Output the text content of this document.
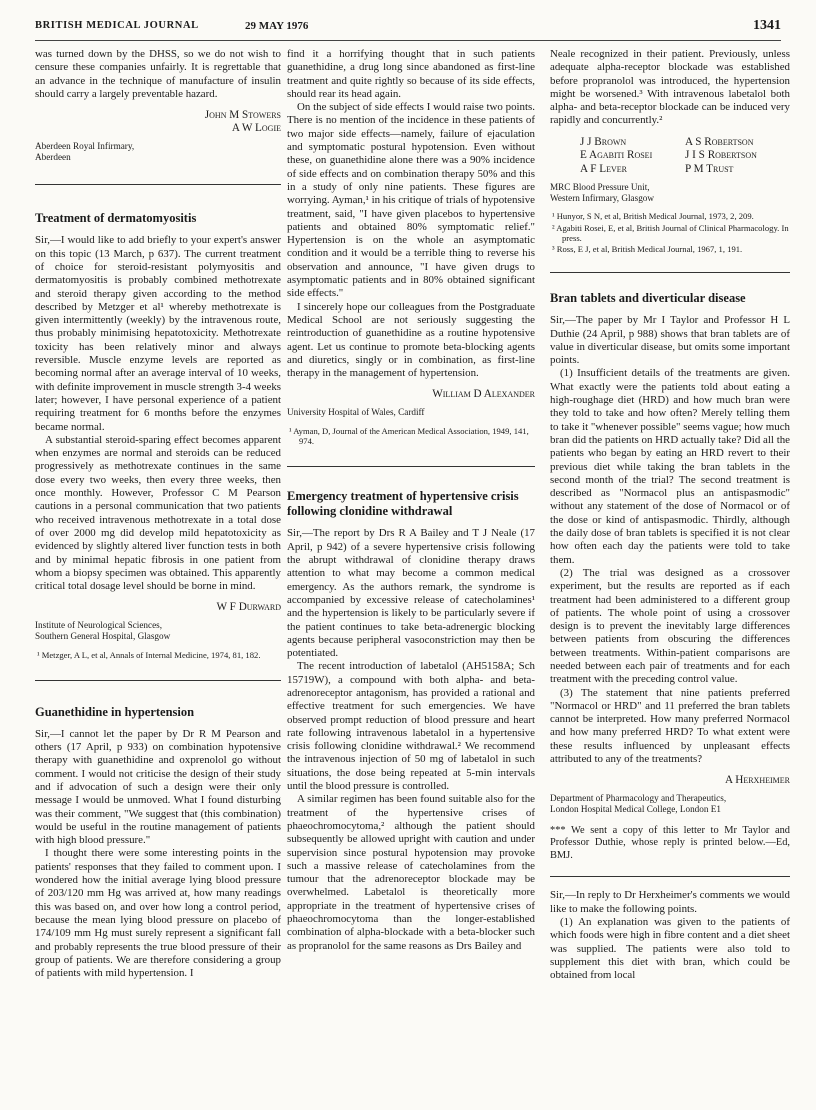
BRITISH MEDICAL JOURNAL	29 MAY 1976	1341

was turned down by the DHSS, so we do not wish to censure these companies unfairly. It is regrettable that an advance in the technique of manufacture of insulin should carry a largely preventable hazard.

John M Stowers
A W Logie
Aberdeen Royal Infirmary, Aberdeen
Treatment of dermatomyositis

Sir,—I would like to add briefly to your expert's answer on this topic (13 March, p 637). The current treatment of choice for steroid-resistant polymyositis and dermatomyositis is probably combined methotrexate and steroid therapy given according to the method described by Metzger et al¹ whereby methotrexate is given intermittently (weekly) by the intravenous route, thus probably minimising hepatotoxicity. Methotrexate toxicity has been relatively minor and always reversible. Muscle enzyme levels are reported as becoming normal after an average interval of 10 weeks, with definite improvement in muscle strength 3-4 weeks later; however, I have personal experience of a patient requiring treatment for 6 months before the enzymes became normal.

A substantial steroid-sparing effect becomes apparent when enzymes are normal and steroids can be reduced progressively as methotrexate continues in the same dose every two weeks, then every three weeks, then once monthly. However, Professor C M Pearson cautions in a personal communication that two patients who received intravenous methotrexate in a total dose of over 2000 mg did develop mild hepatotoxicity as evidenced by slightly altered liver function tests in both and by minimal hepatic fibrosis in one patient from whom a biopsy specimen was obtained. This apparently critical total dosage level should be borne in mind.

W F Durward
Institute of Neurological Sciences, Southern General Hospital, Glasgow
¹ Metzger, A L, et al, Annals of Internal Medicine, 1974, 81, 182.
Guanethidine in hypertension

Sir,—I cannot let the paper by Dr R M Pearson and others (17 April, p 933) on combination hypotensive therapy with guanethidine and oxprenolol go without comment. I would not criticise the design of their study and if advocation of such a design were their only message I would be unmoved. What I found disturbing was their comment, "We suggest that (this combination) would be useful in the routine management of patients with high blood pressure."

I thought there were some interesting points in the patients' responses that they failed to comment upon. I wondered how the initial average lying blood pressure of 203/120 mm Hg was arrived at, how many readings this was based on, and over how long a control period, because the mean lying blood pressure on placebo of 174/109 mm Hg must surely represent a significant fall and probably represents the true blood pressure of their group of patients. We are therefore considering a group of patients with mild hypertension. I

find it a horrifying thought that in such patients guanethidine, a drug long since abandoned as first-line treatment and quite rightly so because of its side effects, should rear its head again.

On the subject of side effects I would raise two points. There is no mention of the incidence in these patients of two major side effects—namely, failure of ejaculation and symptomatic postural hypotension. Even without these, on guanethidine alone there was a 90% incidence of side effects and on combination therapy 50% and this in a study of only nine patients. These figures are worrying. Ayman,¹ in his critique of trials of hypotensive treatment, said, "I have given placebos to hypertensive patients and obtained 80% symptomatic relief." Hypertension is on the whole an asymptomatic condition and it would be a terrible thing to reverse his observation and announce, "I have given drugs to asymptomatic patients and in 80% obtained significant side effects."

I sincerely hope our colleagues from the Postgraduate Medical School are not seriously suggesting the reintroduction of guanethidine as a routine hypotensive agent. Let us continue to promote beta-blocking agents and diuretics, singly or in combination, as first-line therapy in the management of hypertension.

William D Alexander
University Hospital of Wales, Cardiff
¹ Ayman, D, Journal of the American Medical Association, 1949, 141, 974.
Emergency treatment of hypertensive crisis following clonidine withdrawal

Sir,—The report by Drs R A Bailey and T J Neale (17 April, p 942) of a severe hypertensive crisis following the abrupt withdrawal of clonidine therapy draws attention to what may become a common medical emergency. As the authors remark, the syndrome is accompanied by excessive release of catecholamines¹ and the hypertension is likely to be particularly severe if the patient continues to take beta-adrenergic blocking agents because peripheral vasoconstriction may then be potentiated.

The recent introduction of labetalol (AH5158A; Sch 15719W), a compound with both alpha- and beta-adrenoreceptor antagonism, has provided a rational and effective treatment for such emergencies. We have observed prompt reduction of blood pressure and heart rate following intravenous labetalol in a hypertensive crisis following clonidine withdrawal.² We recommend the intravenous injection of 50 mg of labetalol in such situations, the dose being repeated at 5-min intervals until the blood pressure is controlled.

A similar regimen has been found suitable also for the treatment of the hypertensive crises of phaeochromocytoma,² although the patient should subsequently be allowed upright with caution and under supervision since postural hypotension may provoke such a massive release of catecholamines from the tumour that the adrenoreceptor blockade may be overwhelmed. Labetalol is theoretically more appropriate in the treatment of hypertensive crises of phaeochromocytoma than the longer-established combination of alpha-blockade with a beta-blocker such as propranolol for the same reasons as Drs Bailey and

Neale recognized in their patient. Previously, unless adequate alpha-receptor blockade was established before propranolol was introduced, the hypertension might be worsened.³ With intravenous labetalol both alpha- and beta-receptor blockade can be induced very rapidly and concurrently.²

J J Brown	A S Robertson
E Agabiti Rosei	J I S Robertson
A F Lever	P M Trust
MRC Blood Pressure Unit, Western Infirmary, Glasgow
¹ Hunyor, S N, et al, British Medical Journal, 1973, 2, 209.
² Agabiti Rosei, E, et al, British Journal of Clinical Pharmacology. In press.
³ Ross, E J, et al, British Medical Journal, 1967, 1, 191.
Bran tablets and diverticular disease

Sir,—The paper by Mr I Taylor and Professor H L Duthie (24 April, p 988) shows that bran tablets are of value in diverticular disease, but omits some important points.

(1) Insufficient details of the treatments are given. What exactly were the patients told about eating a high-roughage diet (HRD) and how much bran were they told to take and how often? Merely telling them to take it "whenever possible" seems vague; how much bran did the patients on HRD actually take? Did all the patients who began by eating an HRD revert to their previous diet while taking the bran tablets in the second month of the trial? The second treatment is described as "Normacol plus an antispasmodic" without any statement of the dose of Normacol or of the dose or kind of antispasmodic. Thirdly, although the daily dose of bran tablets is specified it is not clear how often each day the patients were told to take them.

(2) The trial was designed as a crossover experiment, but the results are reported as if each treatment had been administered to a different group of patients. The whole point of using a crossover design is to prevent the inevitably large differences between patients from obscuring the differences between treatments. Within-patient comparisons are needed between each pair of treatments and for each treatment with the preceding control value.

(3) The statement that nine patients preferred "Normacol or HRD" and 11 preferred the bran tablets cannot be interpreted. How many preferred Normacol and how many preferred HRD? To what extent were these results influenced by unpleasant effects attributed to any of the treatments?

A Herxheimer
Department of Pharmacology and Therapeutics, London Hospital Medical College, London E1
*** We sent a copy of this letter to Mr Taylor and Professor Duthie, whose reply is printed below.—Ed, BMJ.

Sir,—In reply to Dr Herxheimer's comments we would like to make the following points.

(1) An explanation was given to the patients of which foods were high in fibre content and a diet sheet was supplied. The patients were also told to supplement this diet with bran, which could be obtained from local
